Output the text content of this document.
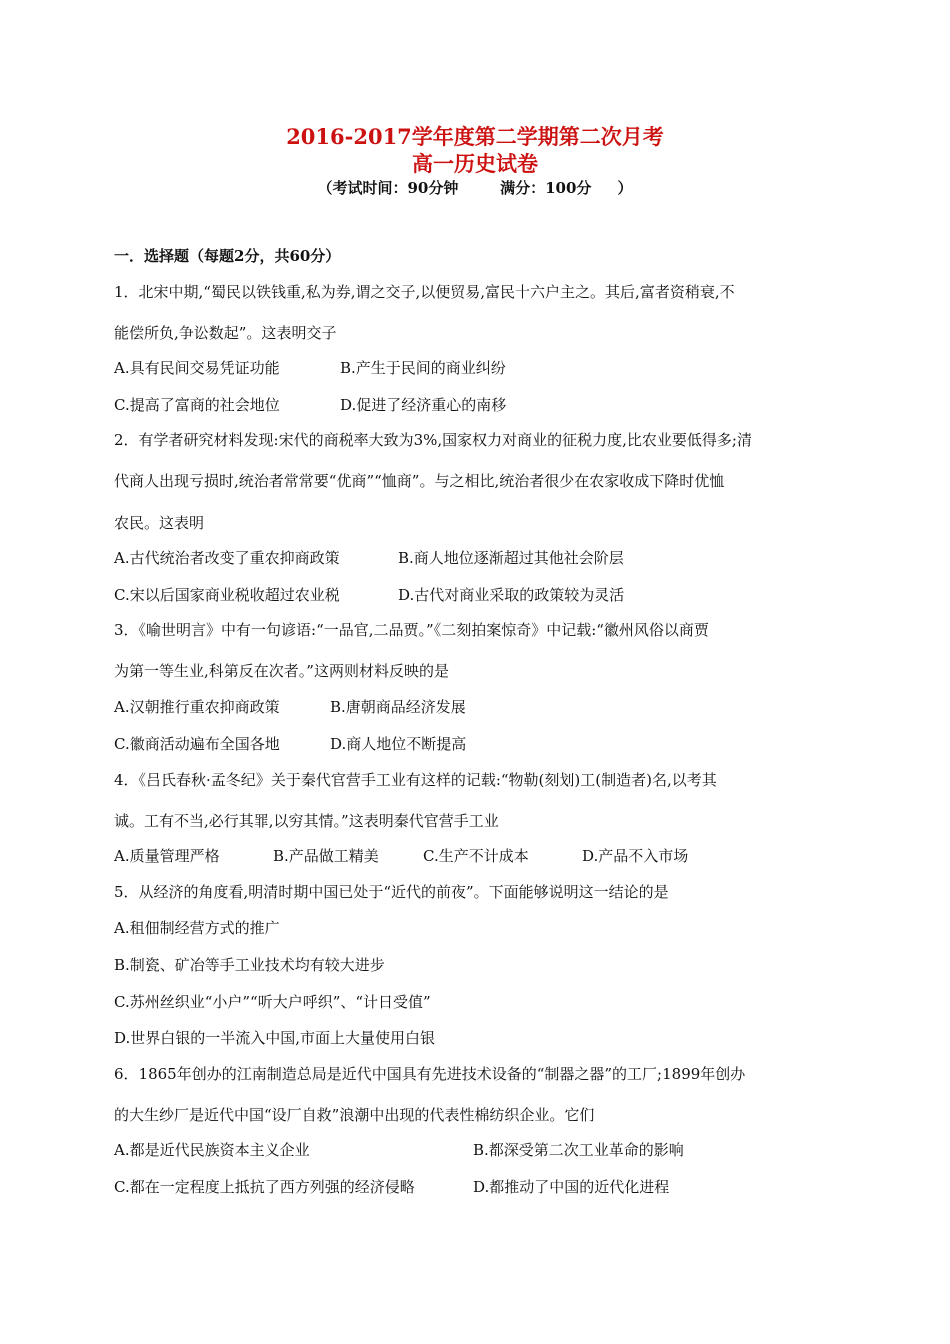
2016-2017学年度第二学期第二次月考
高一历史试卷
（考试时间：90分钟        满分：100分     ）
一．选择题（每题2分，共60分）
1．北宋中期,“蜀民以铁钱重,私为券,谓之交子,以便贸易,富民十六户主之。其后,富者资稍衰,不
能偿所负,争讼数起”。这表明交子
A.具有民间交易凭证功能	B.产生于民间的商业纠纷
C.提高了富商的社会地位	D.促进了经济重心的南移
2．有学者研究材料发现:宋代的商税率大致为3%,国家权力对商业的征税力度,比农业要低得多;清
代商人出现亏损时,统治者常常要“优商”“恤商”。与之相比,统治者很少在农家收成下降时优恤
农民。这表明
A.古代统治者改变了重农抑商政策	B.商人地位逐渐超过其他社会阶层
C.宋以后国家商业税收超过农业税	D.古代对商业采取的政策较为灵活
3．《喻世明言》中有一句谚语:“一品官,二品贾。”《二刻拍案惊奇》中记载:“徽州风俗以商贾
为第一等生业,科第反在次者。”这两则材料反映的是
A.汉朝推行重农抑商政策	B.唐朝商品经济发展
C.徽商活动遍布全国各地	D.商人地位不断提高
4．《吕氏春秋·孟冬纪》关于秦代官营手工业有这样的记载:“物勒(刻划)工(制造者)名,以考其
诚。工有不当,必行其罪,以穷其情。”这表明秦代官营手工业
A.质量管理严格	B.产品做工精美	C.生产不计成本	D.产品不入市场
5．从经济的角度看,明清时期中国已处于“近代的前夜”。下面能够说明这一结论的是
A.租佃制经营方式的推广
B.制瓷、矿冶等手工业技术均有较大进步
C.苏州丝织业“小户”“听大户呼织”、“计日受值”
D.世界白银的一半流入中国,市面上大量使用白银
6．1865年创办的江南制造总局是近代中国具有先进技术设备的“制器之器”的工厂;1899年创办
的大生纱厂是近代中国“设厂自救”浪潮中出现的代表性棉纺织企业。它们
A.都是近代民族资本主义企业	B.都深受第二次工业革命的影响
C.都在一定程度上抵抗了西方列强的经济侵略	D.都推动了中国的近代化进程
